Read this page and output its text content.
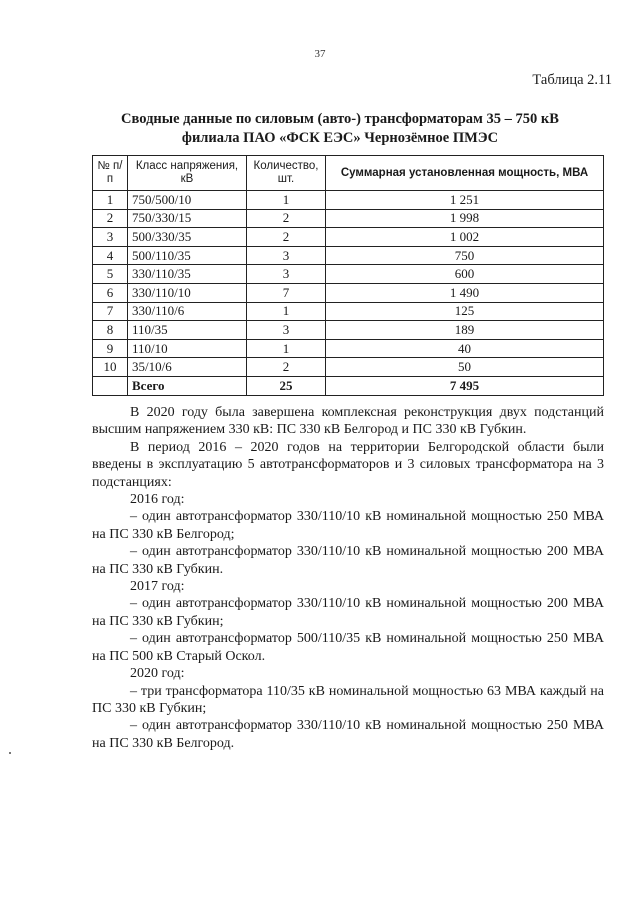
37
Таблица 2.11
Сводные данные по силовым (авто-) трансформаторам 35 – 750 кВ
филиала ПАО «ФСК ЕЭС» Чернозёмное ПМЭС
№ п/п	Класс напряжения, кВ	Количество, шт.	Суммарная установленная мощность, МВА
1	750/500/10	1	1 251
2	750/330/15	2	1 998
3	500/330/35	2	1 002
4	500/110/35	3	750
5	330/110/35	3	600
6	330/110/10	7	1 490
7	330/110/6	1	125
8	110/35	3	189
9	110/10	1	40
10	35/10/6	2	50
	Всего	25	7 495

В 2020 году была завершена комплексная реконструкция двух подстанций высшим напряжением 330 кВ: ПС 330 кВ Белгород и ПС 330 кВ Губкин.

В период 2016 – 2020 годов на территории Белгородской области были введены в эксплуатацию 5 автотрансформаторов и 3 силовых трансформатора на 3 подстанциях:

2016 год:

– один автотрансформатор 330/110/10 кВ номинальной мощностью 250 МВА на ПС 330 кВ Белгород;

– один автотрансформатор 330/110/10 кВ номинальной мощностью 200 МВА на ПС 330 кВ Губкин.

2017 год:

– один автотрансформатор 330/110/10 кВ номинальной мощностью 200 МВА на ПС 330 кВ Губкин;

– один автотрансформатор 500/110/35 кВ номинальной мощностью 250 МВА на ПС 500 кВ Старый Оскол.

2020 год:

– три трансформатора 110/35 кВ номинальной мощностью 63 МВА каждый на ПС 330 кВ Губкин;

– один автотрансформатор 330/110/10 кВ номинальной мощностью 250 МВА на ПС 330 кВ Белгород.
